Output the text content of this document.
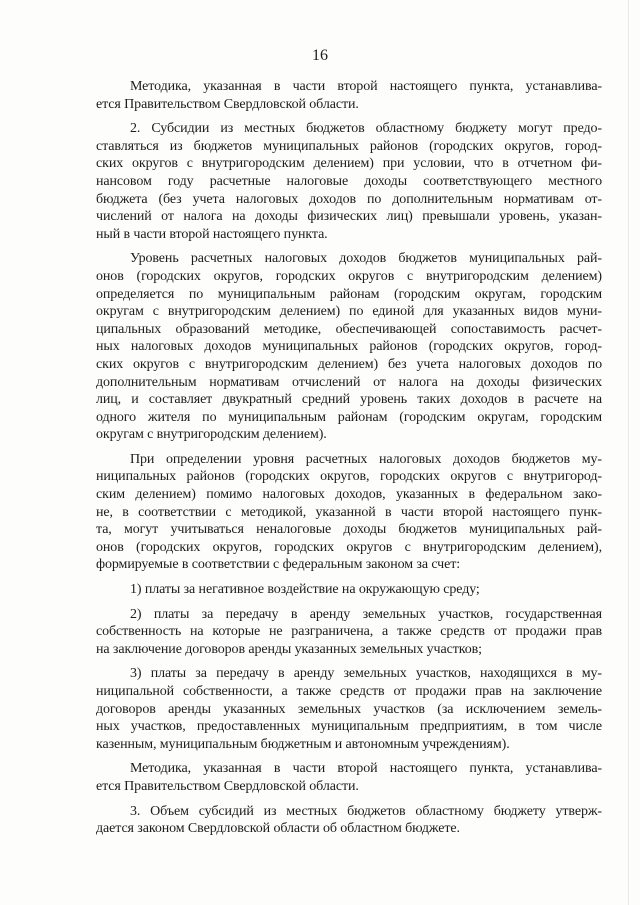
16
Методика, указанная в части второй настоящего пункта, устанавлива-
ется Правительством Свердловской области.
2. Субсидии из местных бюджетов областному бюджету могут предо-
ставляться из бюджетов муниципальных районов (городских округов, город-
ских округов с внутригородским делением) при условии, что в отчетном фи-
нансовом году расчетные налоговые доходы соответствующего местного
бюджета (без учета налоговых доходов по дополнительным нормативам от-
числений от налога на доходы физических лиц) превышали уровень, указан-
ный в части второй настоящего пункта.
Уровень расчетных налоговых доходов бюджетов муниципальных рай-
онов (городских округов, городских округов с внутригородским делением)
определяется по муниципальным районам (городским округам, городским
округам с внутригородским делением) по единой для указанных видов муни-
ципальных образований методике, обеспечивающей сопоставимость расчет-
ных налоговых доходов муниципальных районов (городских округов, город-
ских округов с внутригородским делением) без учета налоговых доходов по
дополнительным нормативам отчислений от налога на доходы физических
лиц, и составляет двукратный средний уровень таких доходов в расчете на
одного жителя по муниципальным районам (городским округам, городским
округам с внутригородским делением).
При определении уровня расчетных налоговых доходов бюджетов му-
ниципальных районов (городских округов, городских округов с внутригород-
ским делением) помимо налоговых доходов, указанных в федеральном зако-
не, в соответствии с методикой, указанной в части второй настоящего пунк-
та, могут учитываться неналоговые доходы бюджетов муниципальных рай-
онов (городских округов, городских округов с внутригородским делением),
формируемые в соответствии с федеральным законом за счет:
1) платы за негативное воздействие на окружающую среду;
2) платы за передачу в аренду земельных участков, государственная
собственность на которые не разграничена, а также средств от продажи прав
на заключение договоров аренды указанных земельных участков;
3) платы за передачу в аренду земельных участков, находящихся в му-
ниципальной собственности, а также средств от продажи прав на заключение
договоров аренды указанных земельных участков (за исключением земель-
ных участков, предоставленных муниципальным предприятиям, в том числе
казенным, муниципальным бюджетным и автономным учреждениям).
Методика, указанная в части второй настоящего пункта, устанавлива-
ется Правительством Свердловской области.
3. Объем субсидий из местных бюджетов областному бюджету утверж-
дается законом Свердловской области об областном бюджете.
